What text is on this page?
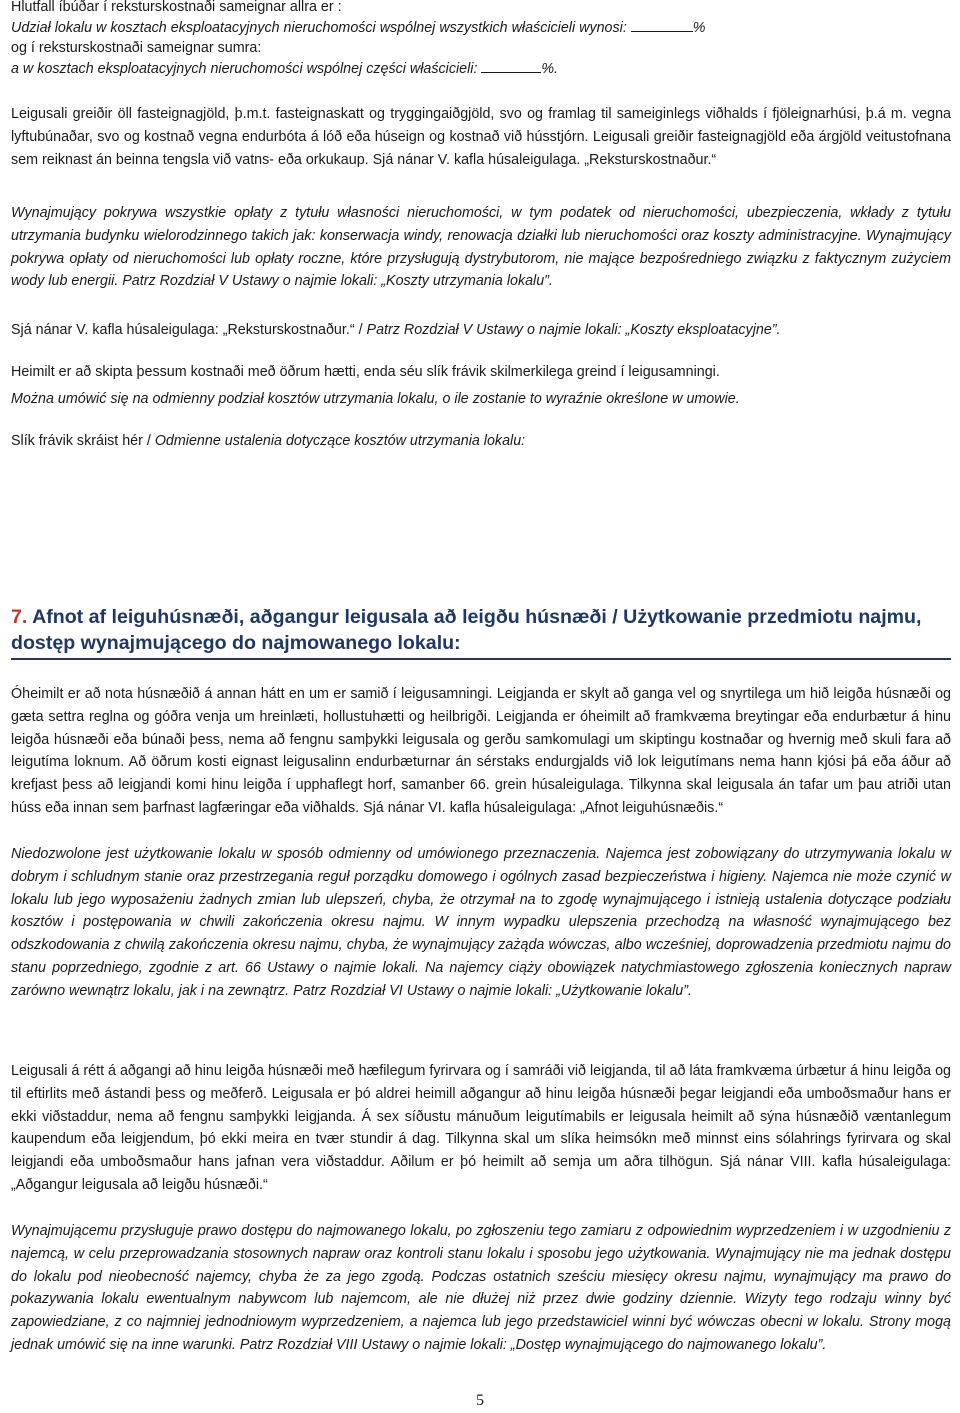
Hlutfall íbúðar í reksturskostnaði sameignar allra er :
Udział lokalu w kosztach eksploatacyjnych nieruchomości wspólnej wszystkich właścicieli wynosi:	%
og í reksturskostnaði sameignar sumra:
a w kosztach eksploatacyjnych nieruchomości wspólnej części właścicieli:	%.

Leigusali greiðir öll fasteignagjöld, þ.m.t. fasteignaskatt og tryggingaiðgjöld, svo og framlag til sameiginlegs viðhalds í fjöleignarhúsi, þ.á m. vegna lyftubúnaðar, svo og kostnað vegna endurbóta á lóð eða húseign og kostnað við hússtjórn. Leigusali greiðir fasteignagjöld eða árgjöld veitustofnana sem reiknast án beinna tengsla við vatns- eða orkukaup. Sjá nánar V. kafla húsaleigulaga. „Reksturskostnaður.“

Wynajmujący pokrywa wszystkie opłaty z tytułu własności nieruchomości, w tym podatek od nieruchomości, ubezpieczenia, wkłady z tytułu utrzymania budynku wielorodzinnego takich jak: konserwacja windy, renowacja działki lub nieruchomości oraz koszty administracyjne. Wynajmujący pokrywa opłaty od nieruchomości lub opłaty roczne, które przysługują dystrybutorom, nie mające bezpośredniego związku z faktycznym zużyciem wody lub energii. Patrz Rozdział V Ustawy o najmie lokali: „Koszty utrzymania lokalu”.

Sjá nánar V. kafla húsaleigulaga: „Reksturskostnaður.“ / Patrz Rozdział V Ustawy o najmie lokali: „Koszty eksploatacyjne”.

Heimilt er að skipta þessum kostnaði með öðrum hætti, enda séu slík frávik skilmerkilega greind í leigusamningi.

Można umówić się na odmienny podział kosztów utrzymania lokalu, o ile zostanie to wyraźnie określone w umowie.

Slík frávik skráist hér / Odmienne ustalenia dotyczące kosztów utrzymania lokalu:

7. Afnot af leiguhúsnæði, aðgangur leigusala að leigðu húsnæði / Użytkowanie przedmiotu najmu, dostęp wynajmującego do najmowanego lokalu:

Óheimilt er að nota húsnæðið á annan hátt en um er samið í leigusamningi. Leigjanda er skylt að ganga vel og snyrtilega um hið leigða húsnæði og gæta settra reglna og góðra venja um hreinlæti, hollustuhætti og heilbrigði. Leigjanda er óheimilt að framkvæma breytingar eða endurbætur á hinu leigða húsnæði eða búnaði þess, nema að fengnu samþykki leigusala og gerðu samkomulagi um skiptingu kostnaðar og hvernig með skuli fara að leigutíma loknum. Að öðrum kosti eignast leigusalinn endurbæturnar án sérstaks endurgjalds við lok leigutímans nema hann kjósi þá eða áður að krefjast þess að leigjandi komi hinu leigða í upphaflegt horf, samanber 66. grein húsaleigulaga. Tilkynna skal leigusala án tafar um þau atriði utan húss eða innan sem þarfnast lagfæringar eða viðhalds. Sjá nánar VI. kafla húsaleigulaga: „Afnot leiguhúsnæðis.“

Niedozwolone jest użytkowanie lokalu w sposób odmienny od umówionego przeznaczenia. Najemca jest zobowiązany do utrzymywania lokalu w dobrym i schludnym stanie oraz przestrzegania reguł porządku domowego i ogólnych zasad bezpieczeństwa i higieny. Najemca nie może czynić w lokalu lub jego wyposażeniu żadnych zmian lub ulepszeń, chyba, że otrzymał na to zgodę wynajmującego i istnieją ustalenia dotyczące podziału kosztów i postępowania w chwili zakończenia okresu najmu. W innym wypadku ulepszenia przechodzą na własność wynajmującego bez odszkodowania z chwilą zakończenia okresu najmu, chyba, że wynajmujący zażąda wówczas, albo wcześniej, doprowadzenia przedmiotu najmu do stanu poprzedniego, zgodnie z art. 66 Ustawy o najmie lokali. Na najemcy ciąży obowiązek natychmiastowego zgłoszenia koniecznych napraw zarówno wewnątrz lokalu, jak i na zewnątrz. Patrz Rozdział VI Ustawy o najmie lokali: „Użytkowanie lokalu”.

Leigusali á rétt á aðgangi að hinu leigða húsnæði með hæfilegum fyrirvara og í samráði við leigjanda, til að láta framkvæma úrbætur á hinu leigða og til eftirlits með ástandi þess og meðferð. Leigusala er þó aldrei heimill aðgangur að hinu leigða húsnæði þegar leigjandi eða umboðsmaður hans er ekki viðstaddur, nema að fengnu samþykki leigjanda. Á sex síðustu mánuðum leigutímabils er leigusala heimilt að sýna húsnæðið væntanlegum kaupendum eða leigjendum, þó ekki meira en tvær stundir á dag. Tilkynna skal um slíka heimsókn með minnst eins sólahrings fyrirvara og skal leigjandi eða umboðsmaður hans jafnan vera viðstaddur. Aðilum er þó heimilt að semja um aðra tilhögun. Sjá nánar VIII. kafla húsaleigulaga: „Aðgangur leigusala að leigðu húsnæði.“

Wynajmującemu przysługuje prawo dostępu do najmowanego lokalu, po zgłoszeniu tego zamiaru z odpowiednim wyprzedzeniem i w uzgodnieniu z najemcą, w celu przeprowadzania stosownych napraw oraz kontroli stanu lokalu i sposobu jego użytkowania. Wynajmujący nie ma jednak dostępu do lokalu pod nieobecność najemcy, chyba że za jego zgodą. Podczas ostatnich sześciu miesięcy okresu najmu, wynajmujący ma prawo do pokazywania lokalu ewentualnym nabywcom lub najemcom, ale nie dłużej niż przez dwie godziny dziennie. Wizyty tego rodzaju winny być zapowiedziane, z co najmniej jednodniowym wyprzedzeniem, a najemca lub jego przedstawiciel winni być wówczas obecni w lokalu. Strony mogą jednak umówić się na inne warunki. Patrz Rozdział VIII Ustawy o najmie lokali: „Dostęp wynajmującego do najmowanego lokalu”.

5
